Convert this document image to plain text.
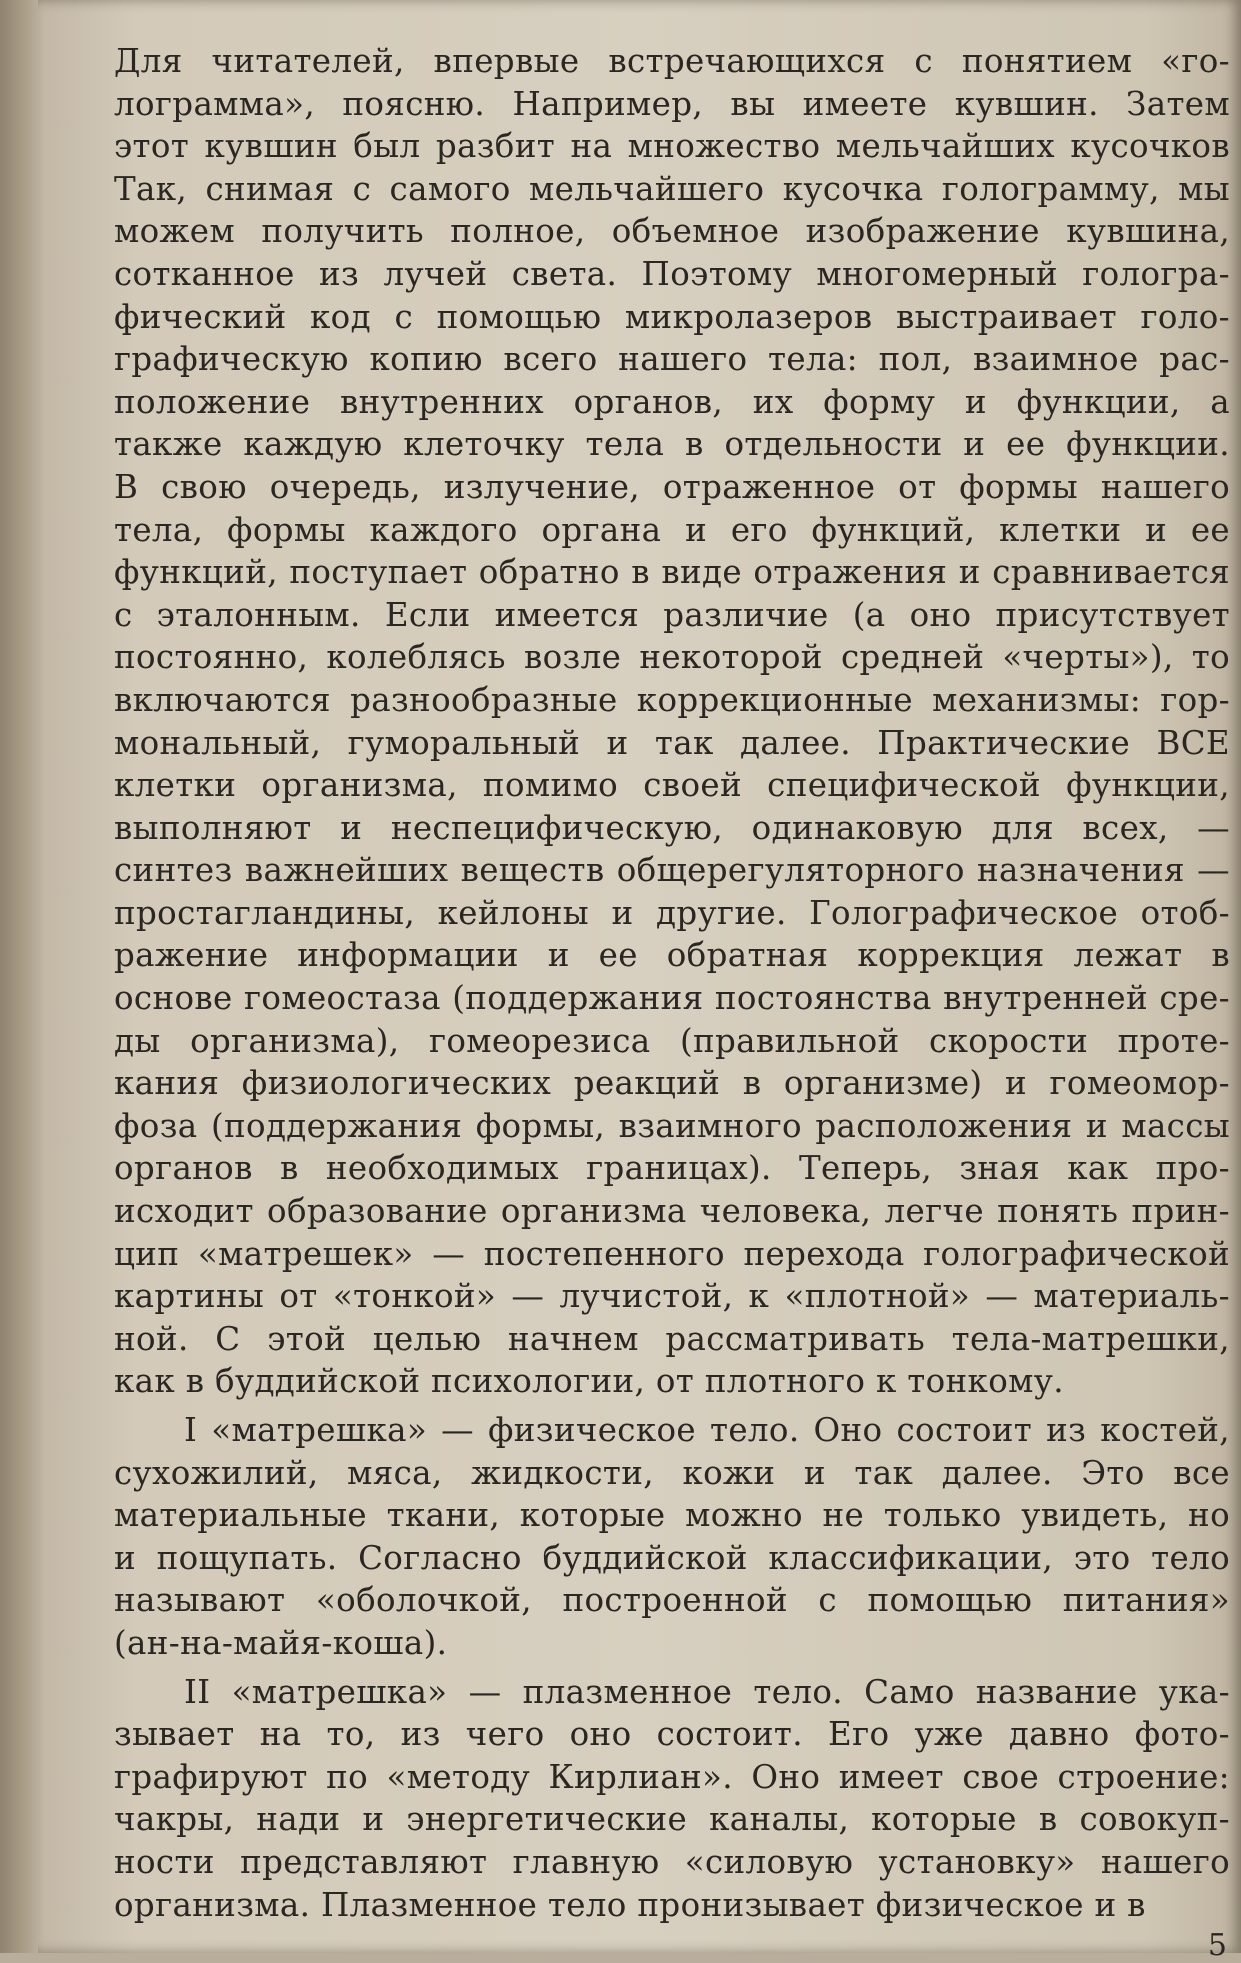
Для читателей, впервые встречающихся с понятием «го-
лограмма», поясню. Например, вы имеете кувшин. Затем
этот кувшин был разбит на множество мельчайших кусочков
Так, снимая с самого мельчайшего кусочка голограмму, мы
можем получить полное, объемное изображение кувшина,
сотканное из лучей света. Поэтому многомерный гологра-
фический код с помощью микролазеров выстраивает голо-
графическую копию всего нашего тела: пол, взаимное рас-
положение внутренних органов, их форму и функции, а
также каждую клеточку тела в отдельности и ее функции.
В свою очередь, излучение, отраженное от формы нашего
тела, формы каждого органа и его функций, клетки и ее
функций, поступает обратно в виде отражения и сравнивается
с эталонным. Если имеется различие (а оно присутствует
постоянно, колеблясь возле некоторой средней «черты»), то
включаются разнообразные коррекционные механизмы: гор-
мональный, гуморальный и так далее. Практические ВСЕ
клетки организма, помимо своей специфической функции,
выполняют и неспецифическую, одинаковую для всех, —
синтез важнейших веществ общерегуляторного назначения —
простагландины, кейлоны и другие. Голографическое отоб-
ражение информации и ее обратная коррекция лежат в
основе гомеостаза (поддержания постоянства внутренней сре-
ды организма), гомеорезиса (правильной скорости проте-
кания физиологических реакций в организме) и гомеомор-
фоза (поддержания формы, взаимного расположения и массы
органов в необходимых границах). Теперь, зная как про-
исходит образование организма человека, легче понять прин-
цип «матрешек» — постепенного перехода голографической
картины от «тонкой» — лучистой, к «плотной» — материаль-
ной. С этой целью начнем рассматривать тела-матрешки,
как в буддийской психологии, от плотного к тонкому.
I «матрешка» — физическое тело. Оно состоит из костей,
сухожилий, мяса, жидкости, кожи и так далее. Это все
материальные ткани, которые можно не только увидеть, но
и пощупать. Согласно буддийской классификации, это тело
называют «оболочкой, построенной с помощью питания»
(ан-на-майя-коша).
II «матрешка» — плазменное тело. Само название ука-
зывает на то, из чего оно состоит. Его уже давно фото-
графируют по «методу Кирлиан». Оно имеет свое строение:
чакры, нади и энергетические каналы, которые в совокуп-
ности представляют главную «силовую установку» нашего
организма. Плазменное тело пронизывает физическое и в
5
